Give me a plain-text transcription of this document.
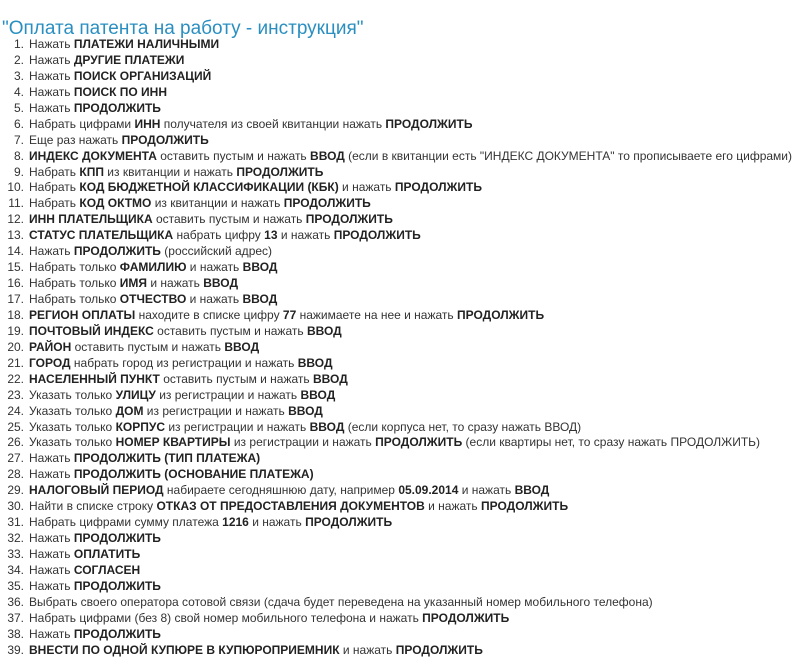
"Оплата патента на работу - инструкция"
1. Нажать ПЛАТЕЖИ НАЛИЧНЫМИ
2. Нажать ДРУГИЕ ПЛАТЕЖИ
3. Нажать ПОИСК ОРГАНИЗАЦИЙ
4. Нажать ПОИСК ПО ИНН
5. Нажать ПРОДОЛЖИТЬ
6. Набрать цифрами ИНН получателя из своей квитанции нажать ПРОДОЛЖИТЬ
7. Еще раз нажать ПРОДОЛЖИТЬ
8. ИНДЕКС ДОКУМЕНТА оставить пустым и нажать ВВОД (если в квитанции есть "ИНДЕКС ДОКУМЕНТА" то прописываете его цифрами)
9. Набрать КПП из квитанции и нажать ПРОДОЛЖИТЬ
10. Набрать КОД БЮДЖЕТНОЙ КЛАССИФИКАЦИИ (КБК) и нажать ПРОДОЛЖИТЬ
11. Набрать КОД ОКТМО из квитанции и нажать ПРОДОЛЖИТЬ
12. ИНН ПЛАТЕЛЬЩИКА оставить пустым и нажать ПРОДОЛЖИТЬ
13. СТАТУС ПЛАТЕЛЬЩИКА набрать цифру 13 и нажать ПРОДОЛЖИТЬ
14. Нажать ПРОДОЛЖИТЬ (российский адрес)
15. Набрать только ФАМИЛИЮ и нажать ВВОД
16. Набрать только ИМЯ и нажать ВВОД
17. Набрать только ОТЧЕСТВО и нажать ВВОД
18. РЕГИОН ОПЛАТЫ находите в списке цифру 77 нажимаете на нее и нажать ПРОДОЛЖИТЬ
19. ПОЧТОВЫЙ ИНДЕКС оставить пустым и нажать ВВОД
20. РАЙОН оставить пустым и нажать ВВОД
21. ГОРОД набрать город из регистрации и нажать ВВОД
22. НАСЕЛЕННЫЙ ПУНКТ оставить пустым и нажать ВВОД
23. Указать только УЛИЦУ из регистрации и нажать ВВОД
24. Указать только ДОМ из регистрации и нажать ВВОД
25. Указать только КОРПУС из регистрации и нажать ВВОД (если корпуса нет, то сразу нажать ВВОД)
26. Указать только НОМЕР КВАРТИРЫ из регистрации и нажать ПРОДОЛЖИТЬ (если квартиры нет, то сразу нажать ПРОДОЛЖИТЬ)
27. Нажать ПРОДОЛЖИТЬ (ТИП ПЛАТЕЖА)
28. Нажать ПРОДОЛЖИТЬ (ОСНОВАНИЕ ПЛАТЕЖА)
29. НАЛОГОВЫЙ ПЕРИОД набираете сегодняшнюю дату, например 05.09.2014 и нажать ВВОД
30. Найти в списке строку ОТКАЗ ОТ ПРЕДОСТАВЛЕНИЯ ДОКУМЕНТОВ и нажать ПРОДОЛЖИТЬ
31. Набрать цифрами сумму платежа 1216 и нажать ПРОДОЛЖИТЬ
32. Нажать ПРОДОЛЖИТЬ
33. Нажать ОПЛАТИТЬ
34. Нажать СОГЛАСЕН
35. Нажать ПРОДОЛЖИТЬ
36. Выбрать своего оператора сотовой связи (сдача будет переведена на указанный номер мобильного телефона)
37. Набрать цифрами (без 8) свой номер мобильного телефона и нажать ПРОДОЛЖИТЬ
38. Нажать ПРОДОЛЖИТЬ
39. ВНЕСТИ ПО ОДНОЙ КУПЮРЕ В КУПЮРОПРИЕМНИК и нажать ПРОДОЛЖИТЬ
